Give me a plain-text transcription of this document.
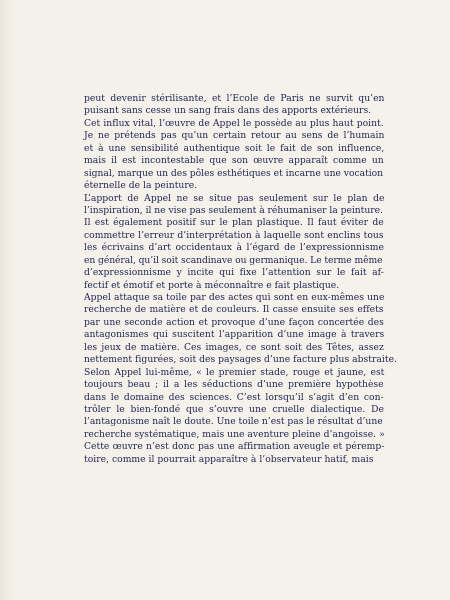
peut devenir stérilisante, et l’Ecole de Paris ne survit qu’en
puisant sans cesse un sang frais dans des apports extérieurs.
Cet influx vital, l’œuvre de Appel le possède au plus haut point.
Je ne prétends pas qu’un certain retour au sens de l’humain
et à une sensibilité authentique soit le fait de son influence,
mais il est incontestable que son œuvre apparaît comme un
signal, marque un des pôles esthétiques et incarne une vocation
éternelle de la peinture.
L’apport de Appel ne se situe pas seulement sur le plan de
l’inspiration, il ne vise pas seulement à réhumaniser la peinture.
Il est également positif sur le plan plastique. Il faut éviter de
commettre l’erreur d’interprétation à laquelle sont enclins tous
les écrivains d’art occidentaux à l’égard de l’expressionnisme
en général, qu’il soit scandinave ou germanique. Le terme même
d’expressionnisme y incite qui fixe l’attention sur le fait af-
fectif et émotif et porte à méconnaître e fait plastique.
Appel attaque sa toile par des actes qui sont en eux-mêmes une
recherche de matière et de couleurs. Il casse ensuite ses effets
par une seconde action et provoque d’une façon concertée des
antagonismes qui suscitent l’apparition d’une image à travers
les jeux de matière. Ces images, ce sont soit des Têtes, assez
nettement figurées, soit des paysages d’une facture plus abstraite.
Selon Appel lui-même, « le premier stade, rouge et jaune, est
toujours beau ; il a les séductions d’une première hypothèse
dans le domaine des sciences. C’est lorsqu’il s’agit d’en con-
trôler le bien-fondé que s’ouvre une cruelle dialectique. De
l’antagonisme naît le doute. Une toile n’est pas le résultat d’une
recherche systématique, mais une aventure pleine d’angoisse. »
Cette œuvre n’est donc pas une affirmation aveugle et péremp-
toire, comme il pourrait apparaître à l’observateur hatif, mais
